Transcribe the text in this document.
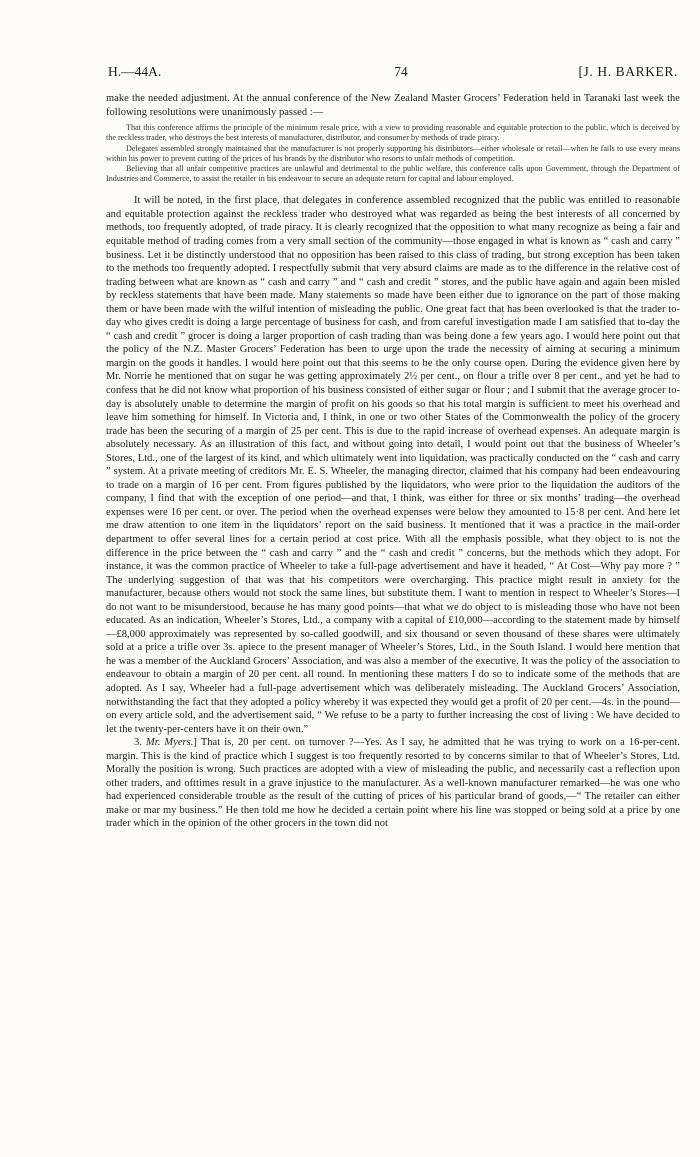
H.—44A.	74	[J. H. BARKER.

make the needed adjustment. At the annual conference of the New Zealand Master Grocers’ Federation held in Taranaki last week the following resolutions were unanimously passed :—

That this conference affirms the principle of the minimum resale price, with a view to providing reasonable and equitable protection to the public, which is deceived by the reckless trader, who destroys the best interests of manufacturer, distributor, and consumer by methods of trade piracy.

Delegates assembled strongly maintained that the manufacturer is not properly supporting his distributors—either wholesale or retail—when he fails to use every means within his power to prevent cutting of the prices of his brands by the distributor who resorts to unfair methods of competition.

Believing that all unfair competitive practices are unlawful and detrimental to the public welfare, this conference calls upon Government, through the Department of Industries and Commerce, to assist the retailer in his endeavour to secure an adequate return for capital and labour employed.

It will be noted, in the first place, that delegates in conference assembled recognized that the public was entitled to reasonable and equitable protection against the reckless trader who destroyed what was regarded as being the best interests of all concerned by methods, too frequently adopted, of trade piracy. It is clearly recognized that the opposition to what many recognize as being a fair and equitable method of trading comes from a very small section of the community—those engaged in what is known as “ cash and carry ” business. Let it be distinctly understood that no opposition has been raised to this class of trading, but strong exception has been taken to the methods too frequently adopted. I respectfully submit that very absurd claims are made as to the difference in the relative cost of trading between what are known as “ cash and carry ” and “ cash and credit ” stores, and the public have again and again been misled by reckless statements that have been made. Many statements so made have been either due to ignorance on the part of those making them or have been made with the wilful intention of misleading the public. One great fact that has been overlooked is that the trader to-day who gives credit is doing a large percentage of business for cash, and from careful investigation made I am satisfied that to-day the “ cash and credit ” grocer is doing a larger proportion of cash trading than was being done a few years ago. I would here point out that the policy of the N.Z. Master Grocers’ Federation has been to urge upon the trade the necessity of aiming at securing a minimum margin on the goods it handles. I would here point out that this seems to be the only course open. During the evidence given here by Mr. Norrie he mentioned that on sugar he was getting approximately 2½ per cent., on flour a trifle over 8 per cent., and yet he had to confess that he did not know what proportion of his business consisted of either sugar or flour ; and I submit that the average grocer to-day is absolutely unable to determine the margin of profit on his goods so that his total margin is sufficient to meet his overhead and leave him something for himself. In Victoria and, I think, in one or two other States of the Commonwealth the policy of the grocery trade has been the securing of a margin of 25 per cent. This is due to the rapid increase of overhead expenses. An adequate margin is absolutely necessary. As an illustration of this fact, and without going into detail, I would point out that the business of Wheeler’s Stores, Ltd., one of the largest of its kind, and which ultimately went into liquidation, was practically conducted on the “ cash and carry ” system. At a private meeting of creditors Mr. E. S. Wheeler, the managing director, claimed that his company had been endeavouring to trade on a margin of 16 per cent. From figures published by the liquidators, who were prior to the liquidation the auditors of the company, I find that with the exception of one period—and that, I think, was either for three or six months’ trading—the overhead expenses were 16 per cent. or over. The period when the overhead expenses were below they amounted to 15·8 per cent. And here let me draw attention to one item in the liquidators’ report on the said business. It mentioned that it was a practice in the mail-order department to offer several lines for a certain period at cost price. With all the emphasis possible, what they object to is not the difference in the price between the “ cash and carry ” and the “ cash and credit ” concerns, but the methods which they adopt. For instance, it was the common practice of Wheeler to take a full-page advertisement and have it headed, “ At Cost—Why pay more ? ” The underlying suggestion of that was that his competitors were overcharging. This practice might result in anxiety for the manufacturer, because others would not stock the same lines, but substitute them. I want to mention in respect to Wheeler’s Stores—I do not want to be misunderstood, because he has many good points—that what we do object to is misleading those who have not been educated. As an indication, Wheeler’s Stores, Ltd., a company with a capital of £10,000—according to the statement made by himself—£8,000 approximately was represented by so-called goodwill, and six thousand or seven thousand of these shares were ultimately sold at a price a trifle over 3s. apiece to the present manager of Wheeler’s Stores, Ltd., in the South Island. I would here mention that he was a member of the Auckland Grocers’ Association, and was also a member of the executive. It was the policy of the association to endeavour to obtain a margin of 20 per cent. all round. In mentioning these matters I do so to indicate some of the methods that are adopted. As I say, Wheeler had a full-page advertisement which was deliberately misleading. The Auckland Grocers’ Association, notwithstanding the fact that they adopted a policy whereby it was expected they would get a profit of 20 per cent.—4s. in the pound—on every article sold, and the advertisement said, “ We refuse to be a party to further increasing the cost of living : We have decided to let the twenty-per-centers have it on their own.”

3. Mr. Myers.] That is, 20 per cent. on turnover ?—Yes. As I say, he admitted that he was trying to work on a 16-per-cent. margin. This is the kind of practice which I suggest is too frequently resorted to by concerns similar to that of Wheeler’s Stores, Ltd. Morally the position is wrong. Such practices are adopted with a view of misleading the public, and necessarily cast a reflection upon other traders, and ofttimes result in a grave injustice to the manufacturer. As a well-known manufacturer remarked—he was one who had experienced considerable trouble as the result of the cutting of prices of his particular brand of goods,—“ The retailer can either make or mar my business.” He then told me how he decided a certain point where his line was stopped or being sold at a price by one trader which in the opinion of the other grocers in the town did not
